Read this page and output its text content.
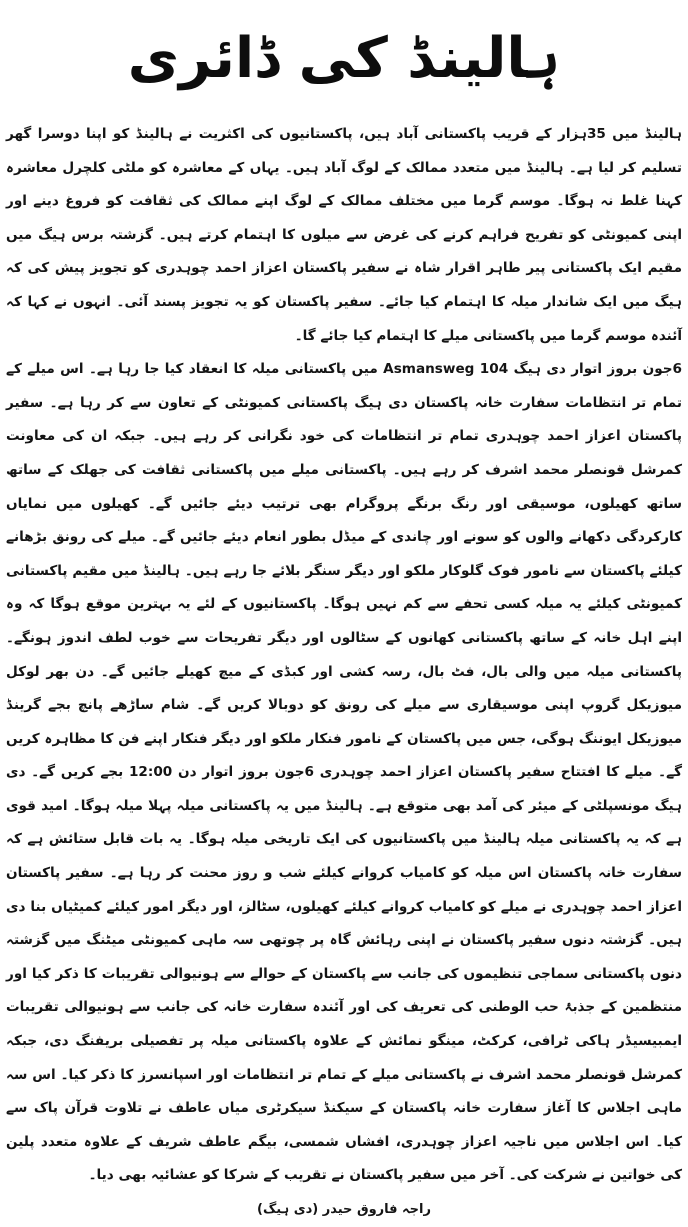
ہالینڈ کی ڈائری

ہالینڈ میں 35ہزار کے قریب پاکستانی آباد ہیں، پاکستانیوں کی اکثریت نے ہالینڈ کو اپنا دوسرا گھر تسلیم کر لیا ہے۔ ہالینڈ میں متعدد ممالک کے لوگ آباد ہیں۔ یہاں کے معاشرہ کو ملٹی کلچرل معاشرہ کہنا غلط نہ ہوگا۔ موسم گرما میں مختلف ممالک کے لوگ اپنے ممالک کی ثقافت کو فروغ دینے اور اپنی کمیونٹی کو تفریح فراہم کرنے کی غرض سے میلوں کا اہتمام کرتے ہیں۔ گزشتہ برس ہیگ میں مقیم ایک پاکستانی پیر طاہر اقرار شاہ نے سفیر پاکستان اعزاز احمد چوہدری کو تجویز پیش کی کہ ہیگ میں ایک شاندار میلہ کا اہتمام کیا جائے۔ سفیر پاکستان کو یہ تجویز پسند آئی۔ انہوں نے کہا کہ آئندہ موسم گرما میں پاکستانی میلے کا اہتمام کیا جائے گا۔

6جون بروز اتوار دی ہیگ Asmansweg 104 میں پاکستانی میلہ کا انعقاد کیا جا رہا ہے۔ اس میلے کے تمام تر انتظامات سفارت خانہ پاکستان دی ہیگ پاکستانی کمیونٹی کے تعاون سے کر رہا ہے۔ سفیر پاکستان اعزاز احمد چوہدری تمام تر انتظامات کی خود نگرانی کر رہے ہیں۔ جبکہ ان کی معاونت کمرشل قونصلر محمد اشرف کر رہے ہیں۔ پاکستانی میلے میں پاکستانی ثقافت کی جھلک کے ساتھ ساتھ کھیلوں، موسیقی اور رنگ برنگے پروگرام بھی ترتیب دیئے جائیں گے۔ کھیلوں میں نمایاں کارکردگی دکھانے والوں کو سونے اور چاندی کے میڈل بطور انعام دیئے جائیں گے۔ میلے کی رونق بڑھانے کیلئے پاکستان سے نامور فوک گلوکار ملکو اور دیگر سنگر بلائے جا رہے ہیں۔ ہالینڈ میں مقیم پاکستانی کمیونٹی کیلئے یہ میلہ کسی تحفے سے کم نہیں ہوگا۔ پاکستانیوں کے لئے یہ بہترین موقع ہوگا کہ وہ اپنے اہل خانہ کے ساتھ پاکستانی کھانوں کے سٹالوں اور دیگر تفریحات سے خوب لطف اندوز ہونگے۔ پاکستانی میلہ میں والی بال، فٹ بال، رسہ کشی اور کبڈی کے میچ کھیلے جائیں گے۔ دن بھر لوکل میوزیکل گروپ اپنی موسیقاری سے میلے کی رونق کو دوبالا کریں گے۔ شام ساڑھے پانچ بجے گرینڈ میوزیکل ایوننگ ہوگی، جس میں پاکستان کے نامور فنکار ملکو اور دیگر فنکار اپنے فن کا مظاہرہ کریں گے۔ میلے کا افتتاح سفیر پاکستان اعزاز احمد چوہدری 6جون بروز اتوار دن 12:00 بجے کریں گے۔ دی ہیگ مونسپلٹی کے میئر کی آمد بھی متوقع ہے۔ ہالینڈ میں یہ پاکستانی میلہ پہلا میلہ ہوگا۔ امید قوی ہے کہ یہ پاکستانی میلہ ہالینڈ میں پاکستانیوں کی ایک تاریخی میلہ ہوگا۔ یہ بات قابل ستائش ہے کہ سفارت خانہ پاکستان اس میلہ کو کامیاب کروانے کیلئے شب و روز محنت کر رہا ہے۔ سفیر پاکستان اعزاز احمد چوہدری نے میلے کو کامیاب کروانے کیلئے کھیلوں، سٹالز، اور دیگر امور کیلئے کمیٹیاں بنا دی ہیں۔ گزشتہ دنوں سفیر پاکستان نے اپنی رہائش گاہ پر چوتھی سہ ماہی کمیونٹی میٹنگ میں گزشتہ دنوں پاکستانی سماجی تنظیموں کی جانب سے پاکستان کے حوالے سے ہونیوالی تقریبات کا ذکر کیا اور منتظمین کے جذبۂ حب الوطنی کی تعریف کی اور آئندہ سفارت خانہ کی جانب سے ہونیوالی تقریبات ایمبیسیڈر ہاکی ٹرافی، کرکٹ، مینگو نمائش کے علاوہ پاکستانی میلہ پر تفصیلی بریفنگ دی، جبکہ کمرشل قونصلر محمد اشرف نے پاکستانی میلے کے تمام تر انتظامات اور اسپانسرز کا ذکر کیا۔ اس سہ ماہی اجلاس کا آغاز سفارت خانہ پاکستان کے سیکنڈ سیکرٹری میاں عاطف نے تلاوت قرآن پاک سے کیا۔ اس اجلاس میں ناجیہ اعزاز چوہدری، افشاں شمسی، بیگم عاطف شریف کے علاوہ متعدد پلین کی خواتین نے شرکت کی۔ آخر میں سفیر پاکستان نے تقریب کے شرکا کو عشائیہ بھی دیا۔

راجہ فاروق حیدر (دی ہیگ)
